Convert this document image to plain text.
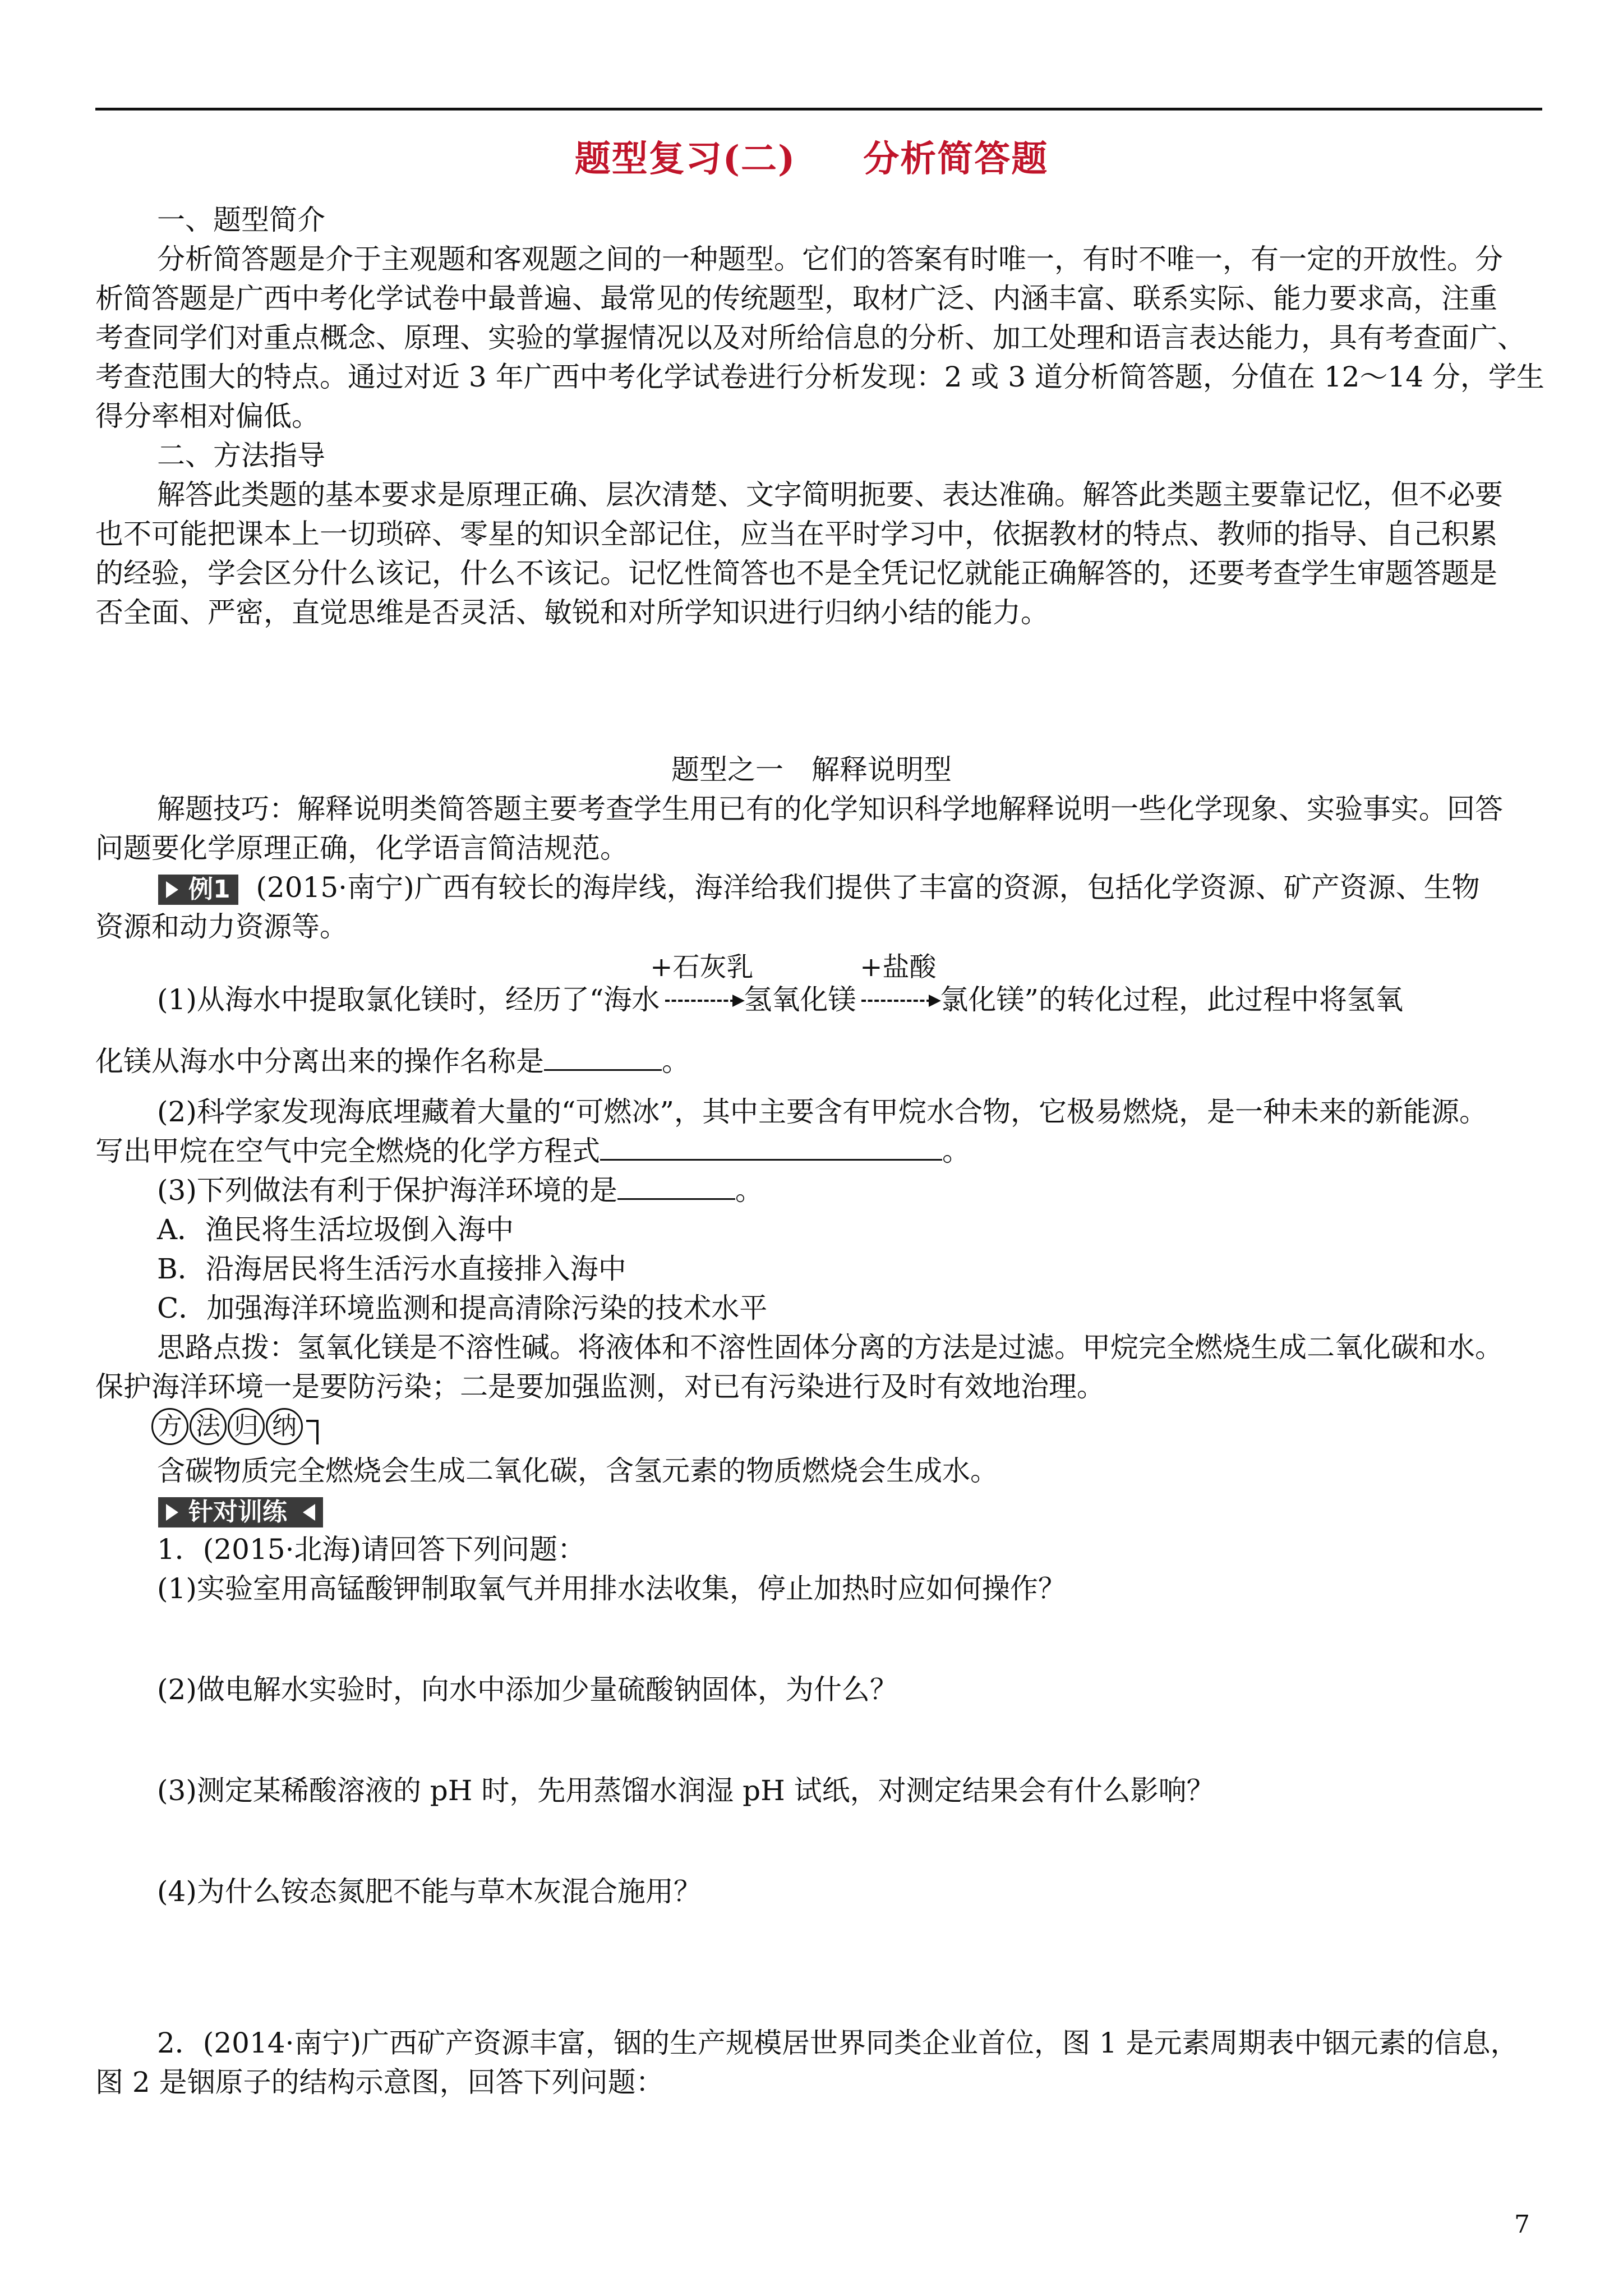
题型复习(二) 分析简答题
一、题型简介
分析简答题是介于主观题和客观题之间的一种题型。它们的答案有时唯一，有时不唯一，有一定的开放性。分
析简答题是广西中考化学试卷中最普遍、最常见的传统题型，取材广泛、内涵丰富、联系实际、能力要求高，注重
考查同学们对重点概念、原理、实验的掌握情况以及对所给信息的分析、加工处理和语言表达能力，具有考查面广、
考查范围大的特点。通过对近 3 年广西中考化学试卷进行分析发现：2 或 3 道分析简答题，分值在 12～14 分，学生
得分率相对偏低。
二、方法指导
解答此类题的基本要求是原理正确、层次清楚、文字简明扼要、表达准确。解答此类题主要靠记忆，但不必要
也不可能把课本上一切琐碎、零星的知识全部记住，应当在平时学习中，依据教材的特点、教师的指导、自己积累
的经验，学会区分什么该记，什么不该记。记忆性简答也不是全凭记忆就能正确解答的，还要考查学生审题答题是
否全面、严密，直觉思维是否灵活、敏锐和对所学知识进行归纳小结的能力。
题型之一　解释说明型
解题技巧：解释说明类简答题主要考查学生用已有的化学知识科学地解释说明一些化学现象、实验事实。回答
问题要化学原理正确，化学语言简洁规范。
例1 (2015·南宁)广西有较长的海岸线，海洋给我们提供了丰富的资源，包括化学资源、矿产资源、生物
资源和动力资源等。
(1)从海水中提取氯化镁时，经历了“海水
+石灰乳
氢氧化镁
+盐酸
氯化镁”的转化过程，此过程中将氢氧
化镁从海水中分离出来的操作名称是	。
(2)科学家发现海底埋藏着大量的“可燃冰”，其中主要含有甲烷水合物，它极易燃烧，是一种未来的新能源。
写出甲烷在空气中完全燃烧的化学方程式	。
(3)下列做法有利于保护海洋环境的是	。
A．渔民将生活垃圾倒入海中
B．沿海居民将生活污水直接排入海中
C．加强海洋环境监测和提高清除污染的技术水平
思路点拨：氢氧化镁是不溶性碱。将液体和不溶性固体分离的方法是过滤。甲烷完全燃烧生成二氧化碳和水。
保护海洋环境一是要防污染；二是要加强监测，对已有污染进行及时有效地治理。
方 法 归 纳
含碳物质完全燃烧会生成二氧化碳，含氢元素的物质燃烧会生成水。
针对训练
1．(2015·北海)请回答下列问题：
(1)实验室用高锰酸钾制取氧气并用排水法收集，停止加热时应如何操作？
(2)做电解水实验时，向水中添加少量硫酸钠固体，为什么？
(3)测定某稀酸溶液的 pH 时，先用蒸馏水润湿 pH 试纸，对测定结果会有什么影响？
(4)为什么铵态氮肥不能与草木灰混合施用？
2．(2014·南宁)广西矿产资源丰富，铟的生产规模居世界同类企业首位，图 1 是元素周期表中铟元素的信息，
图 2 是铟原子的结构示意图，回答下列问题：
7
